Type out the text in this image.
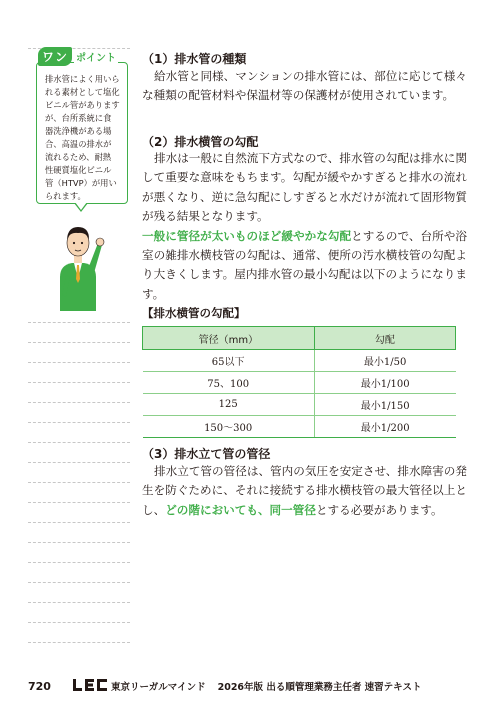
ワン ポイント
排水管によく用いら
れる素材として塩化
ビニル管があります
が、台所系統に食
器洗浄機がある場
合、高温の排水が
流れるため、耐熱
性硬質塩化ビニル
管（HTVP）が用い
られます。
（1）排水管の種類
給水管と同様、マンションの排水管には、部位に応じて様々な種類の配管材料や保温材等の保護材が使用されています。
（2）排水横管の勾配
排水は一般に自然流下方式なので、排水管の勾配は排水に関して重要な意味をもちます。勾配が緩やかすぎると排水の流れが悪くなり、逆に急勾配にしすぎると水だけが流れて固形物質が残る結果となります。
一般に管径が太いものほど緩やかな勾配とするので、台所や浴室の雑排水横枝管の勾配は、通常、便所の汚水横枝管の勾配より大きくします。屋内排水管の最小勾配は以下のようになります。
【排水横管の勾配】
管径（mm）	勾配
65以下	最小1/50
75、100	最小1/100
125	最小1/150
150～300	最小1/200
（3）排水立て管の管径
排水立て管の管径は、管内の気圧を安定させ、排水障害の発生を防ぐために、それに接続する排水横枝管の最大管径以上とし、どの階においても、同一管径とする必要があります。
720	東京リーガルマインド 2026年版 出る順管理業務主任者 速習テキスト
